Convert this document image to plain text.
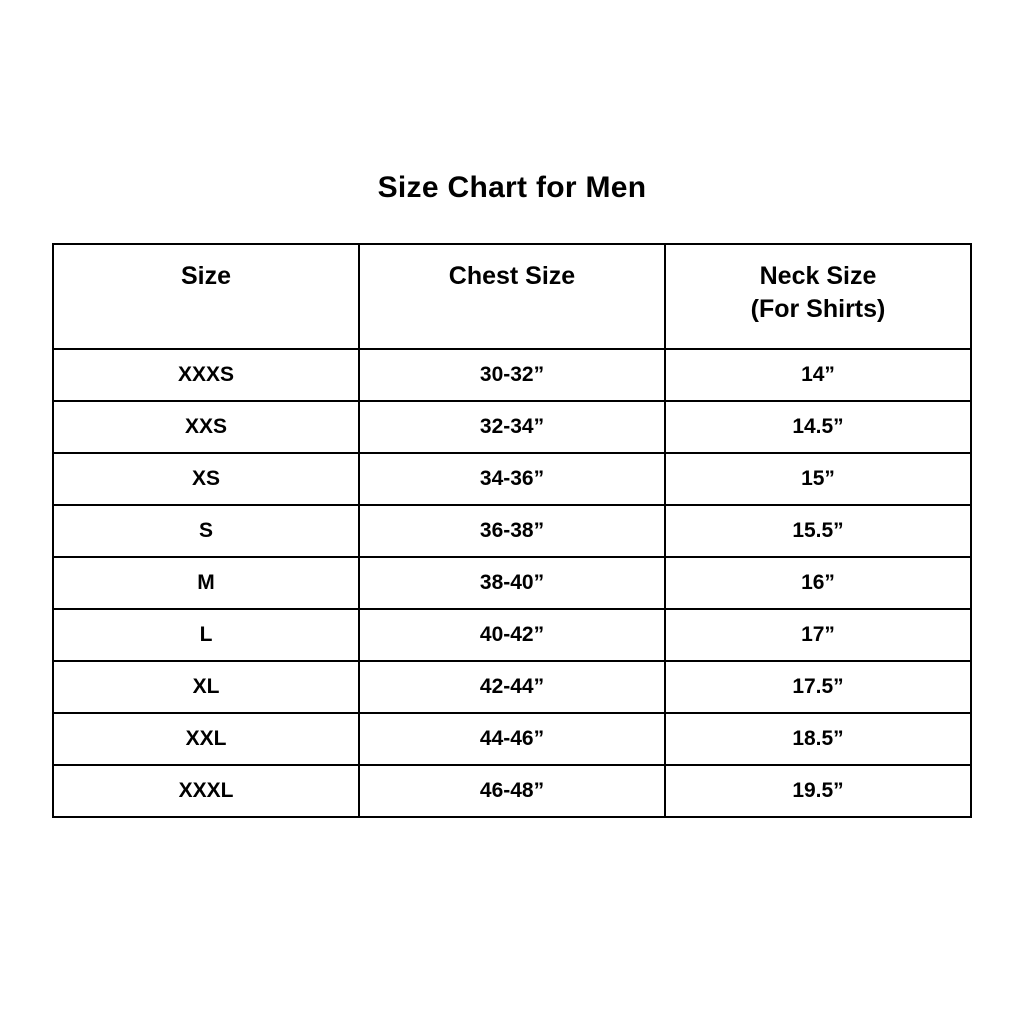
Size Chart for Men
Size	Chest Size	Neck Size
(For Shirts)
XXXS	30-32”	14”
XXS	32-34”	14.5”
XS	34-36”	15”
S	36-38”	15.5”
M	38-40”	16”
L	40-42”	17”
XL	42-44”	17.5”
XXL	44-46”	18.5”
XXXL	46-48”	19.5”
